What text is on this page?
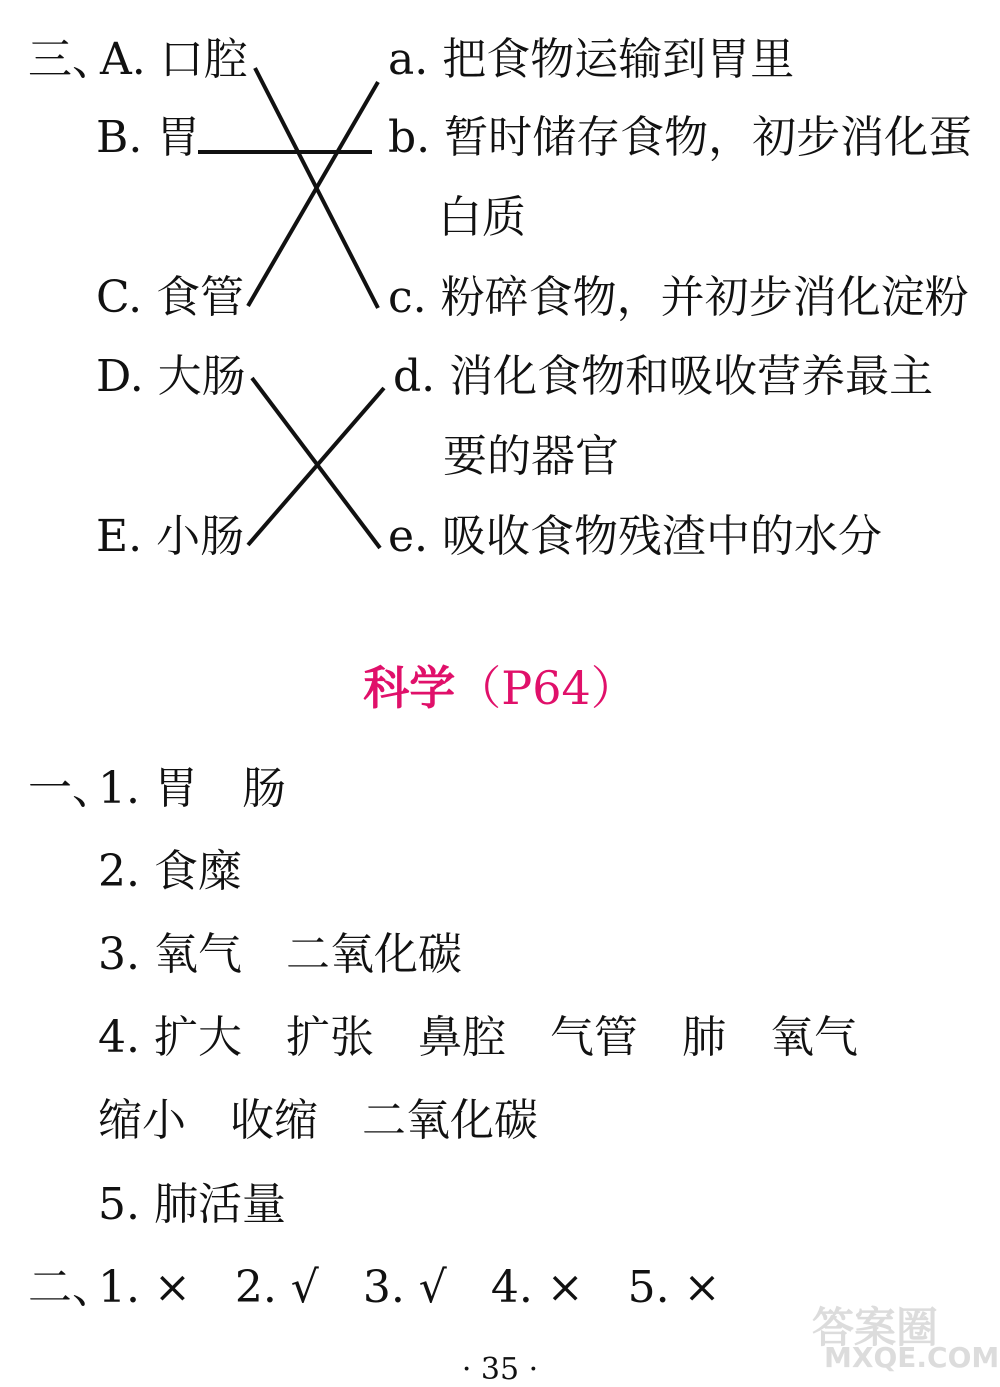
三、
A. 口腔
B. 胃
C. 食管
D. 大肠
E. 小肠
a. 把食物运输到胃里
b. 暂时储存食物，初步消化蛋
白质
c. 粉碎食物，并初步消化淀粉
d. 消化食物和吸收营养最主
要的器官
e. 吸收食物残渣中的水分
科学（P64）
一、
1. 胃　肠
2. 食糜
3. 氧气　二氧化碳
4. 扩大　扩张　鼻腔　气管　肺　氧气
缩小　收缩　二氧化碳
5. 肺活量
二、
1. ×　2. √　3. √　4. ×　5. ×
· 35 ·
答案圈
MXQE.COM
